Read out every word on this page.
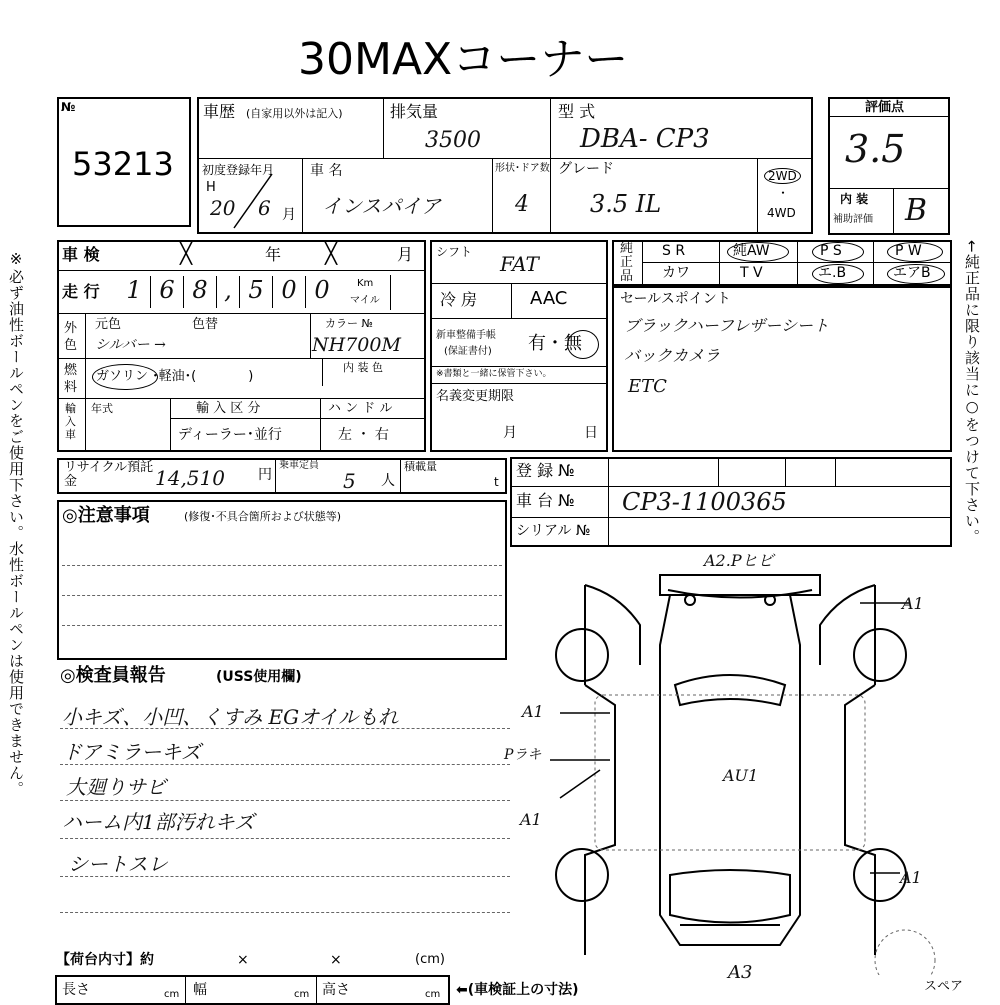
30MAXコーナー
※必ず油性ボールペンをご使用下さい。水性ボールペンは使用できません。	←純正品に限り該当に○をつけて下さい。
№
53213
評価点
3.5
内 装
補助評価 B
車歴 (自家用以外は記入)	排気量
3500
型 式
DBA- CP3
初度登録年月
H
20 6 月
車 名
インスパイア
形状･ドア数
4
グレード
3.5 IL
2WD
・
4WD
車 検	╳	年 ╳	月
走 行	1 6 8 , 5 0 0	Km
マイル
外色
元色	色替	カラー №
シルバー →	NH700M
燃料
ガソリン ･軽油･(　　　　)
内 装 色
輸入車
年式	輸 入 区 分
ディーラー･並行
ハ ン ド ル
左 ・ 右
シフト FAT
冷 房	AAC
新車整備手帳
(保証書付) 有・無
※書類と一緒に保管下さい。
名義変更期限
月	日
純正品
S R	純AW	P S	P W
カワ	T V	エ.B	エアB
セールスポイント
ブラックハーフレザーシート
バックカメラ
ETC
リサイクル預託金	14,510 円
乗車定員
5 人
積載量
t
登 録 №
車 台 № CP3-1100365
シリアル №
◎注意事項	(修復･不具合箇所および状態等)
◎検査員報告	(USS使用欄)
小キズ、小凹、くすみ EGオイルもれ
ドアミラーキズ
大廻りサビ
ハーム内1部汚れキズ
シートスレ
A2.Pヒビ
A1
A1
Pラキ
AU1
A1
A1
A3
スペア
【荷台内寸】約	×	×	(cm)
長さ	cm 幅	cm 高さ	cm ⬅(車検証上の寸法)
